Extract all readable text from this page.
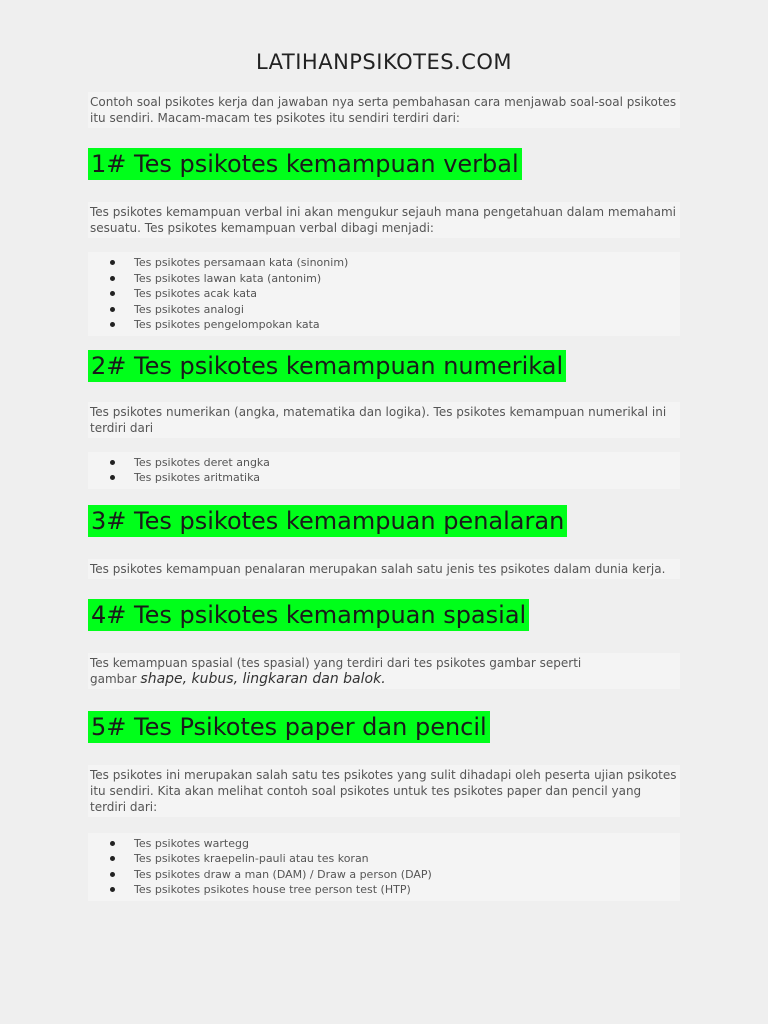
LATIHANPSIKOTES.COM

Contoh soal psikotes kerja dan jawaban nya serta pembahasan cara menjawab soal-soal psikotes itu sendiri. Macam-macam tes psikotes itu sendiri terdiri dari:

1# Tes psikotes kemampuan verbal

Tes psikotes kemampuan verbal ini akan mengukur sejauh mana pengetahuan dalam memahami sesuatu. Tes psikotes kemampuan verbal dibagi menjadi:

Tes psikotes persamaan kata (sinonim)
Tes psikotes lawan kata (antonim)
Tes psikotes acak kata
Tes psikotes analogi
Tes psikotes pengelompokan kata
2# Tes psikotes kemampuan numerikal

Tes psikotes numerikan (angka, matematika dan logika). Tes psikotes kemampuan numerikal ini terdiri dari

Tes psikotes deret angka
Tes psikotes aritmatika
3# Tes psikotes kemampuan penalaran

Tes psikotes kemampuan penalaran merupakan salah satu jenis tes psikotes dalam dunia kerja.

4# Tes psikotes kemampuan spasial

Tes kemampuan spasial (tes spasial) yang terdiri dari tes psikotes gambar seperti
gambar shape, kubus, lingkaran dan balok.

5# Tes Psikotes paper dan pencil

Tes psikotes ini merupakan salah satu tes psikotes yang sulit dihadapi oleh peserta ujian psikotes itu sendiri. Kita akan melihat contoh soal psikotes untuk tes psikotes paper dan pencil yang terdiri dari:

Tes psikotes wartegg
Tes psikotes kraepelin-pauli atau tes koran
Tes psikotes draw a man (DAM) / Draw a person (DAP)
Tes psikotes psikotes house tree person test (HTP)
